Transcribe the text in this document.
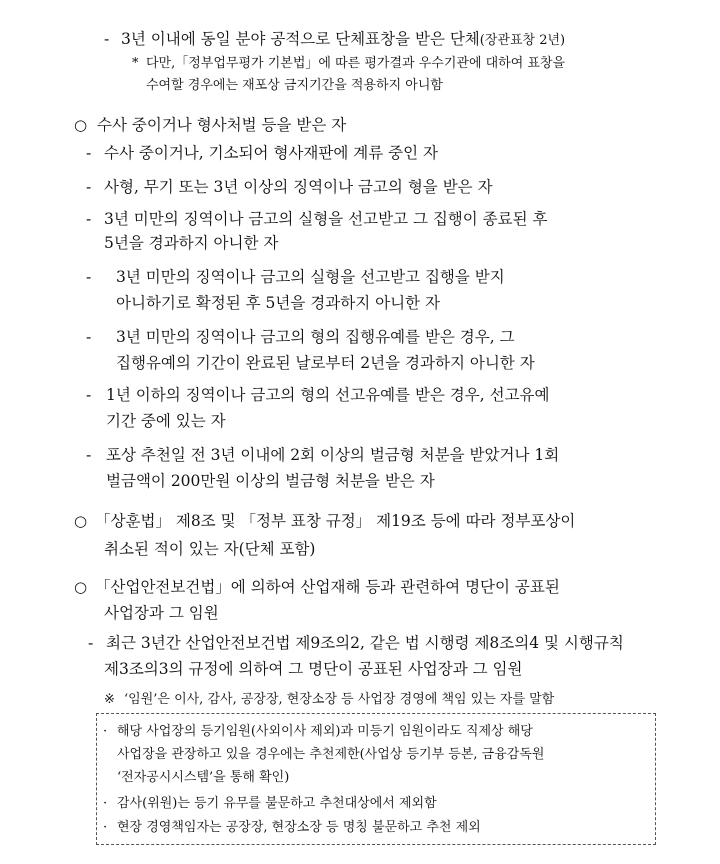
- 3년 이내에 동일 분야 공적으로 단체표창을 받은 단체(장관표창 2년)
* 다만,「정부업무평가 기본법」에 따른 평가결과 우수기관에 대하여 표창을
수여할 경우에는 재포상 금지기간을 적용하지 아니함
○ 수사 중이거나 형사처벌 등을 받은 자
- 수사 중이거나, 기소되어 형사재판에 계류 중인 자
- 사형, 무기 또는 3년 이상의 징역이나 금고의 형을 받은 자
- 3년 미만의 징역이나 금고의 실형을 선고받고 그 집행이 종료된 후
5년을 경과하지 아니한 자
- 3년 미만의 징역이나 금고의 실형을 선고받고 집행을 받지
아니하기로 확정된 후 5년을 경과하지 아니한 자
- 3년 미만의 징역이나 금고의 형의 집행유예를 받은 경우, 그
집행유예의 기간이 완료된 날로부터 2년을 경과하지 아니한 자
- 1년 이하의 징역이나 금고의 형의 선고유예를 받은 경우, 선고유예
기간 중에 있는 자
- 포상 추천일 전 3년 이내에 2회 이상의 벌금형 처분을 받았거나 1회
벌금액이 200만원 이상의 벌금형 처분을 받은 자
○ 「상훈법」 제8조 및 「정부 표창 규정」 제19조 등에 따라 정부포상이
취소된 적이 있는 자(단체 포함)
○ 「산업안전보건법」에 의하여 산업재해 등과 관련하여 명단이 공표된
사업장과 그 임원
- 최근 3년간 산업안전보건법 제9조의2, 같은 법 시행령 제8조의4 및 시행규칙
제3조의3의 규정에 의하여 그 명단이 공표된 사업장과 그 임원
※ ‘임원’은 이사, 감사, 공장장, 현장소장 등 사업장 경영에 책임 있는 자를 말함
· 해당 사업장의 등기임원(사외이사 제외)과 미등기 임원이라도 직제상 해당
사업장을 관장하고 있을 경우에는 추천제한(사업상 등기부 등본, 금융감독원
‘전자공시시스템’을 통해 확인)
· 감사(위원)는 등기 유무를 불문하고 추천대상에서 제외함
· 현장 경영책임자는 공장장, 현장소장 등 명칭 불문하고 추천 제외
